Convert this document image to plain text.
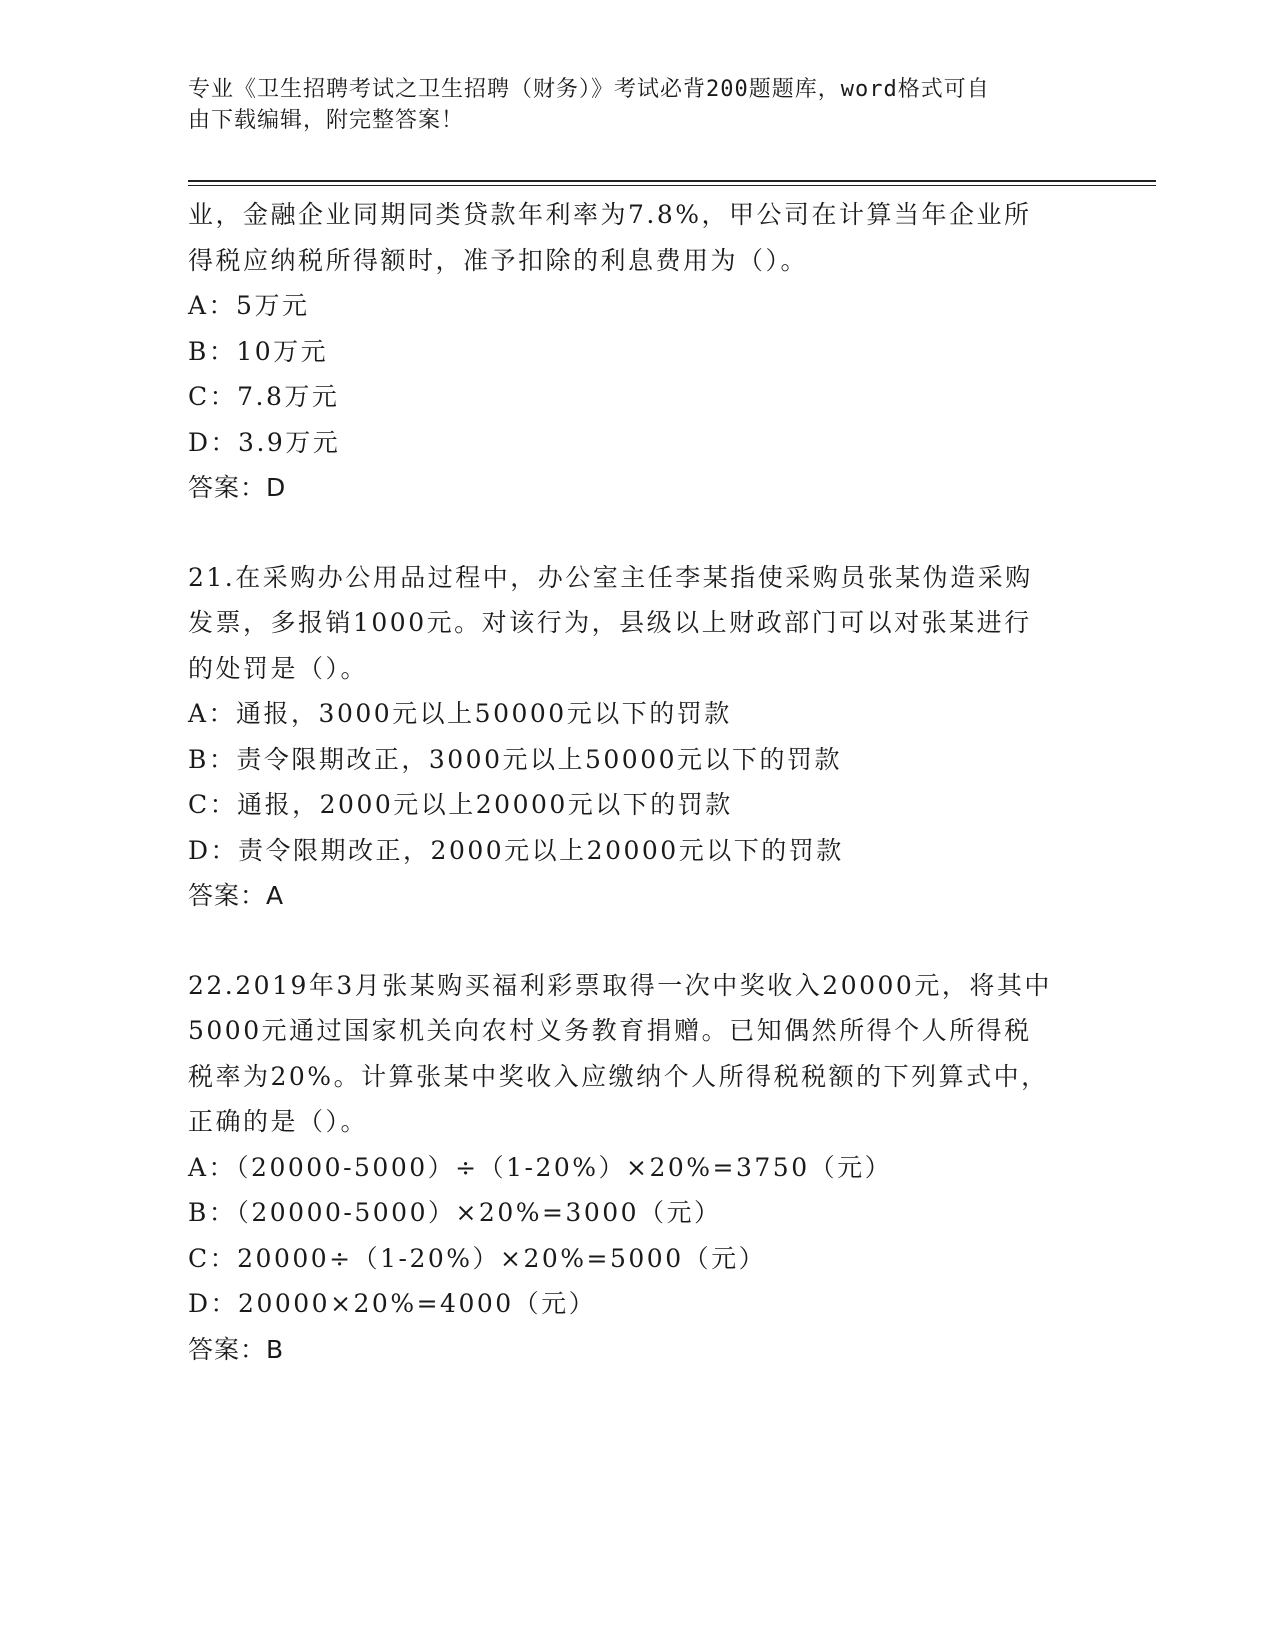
专业《卫生招聘考试之卫生招聘（财务）》考试必背200题题库，word格式可自
由下载编辑，附完整答案！
业，金融企业同期同类贷款年利率为7.8%，甲公司在计算当年企业所
得税应纳税所得额时，准予扣除的利息费用为（）。
A：5万元
B：10万元
C：7.8万元
D：3.9万元
答案：D
21.在采购办公用品过程中，办公室主任李某指使采购员张某伪造采购
发票，多报销1000元。对该行为，县级以上财政部门可以对张某进行
的处罚是（）。
A：通报，3000元以上50000元以下的罚款
B：责令限期改正，3000元以上50000元以下的罚款
C：通报，2000元以上20000元以下的罚款
D：责令限期改正，2000元以上20000元以下的罚款
答案：A
22.2019年3月张某购买福利彩票取得一次中奖收入20000元，将其中
5000元通过国家机关向农村义务教育捐赠。已知偶然所得个人所得税
税率为20%。计算张某中奖收入应缴纳个人所得税税额的下列算式中，
正确的是（）。
A：（20000-5000）÷（1-20%）×20%=3750（元）
B：（20000-5000）×20%=3000（元）
C：20000÷（1-20%）×20%=5000（元）
D：20000×20%=4000（元）
答案：B
